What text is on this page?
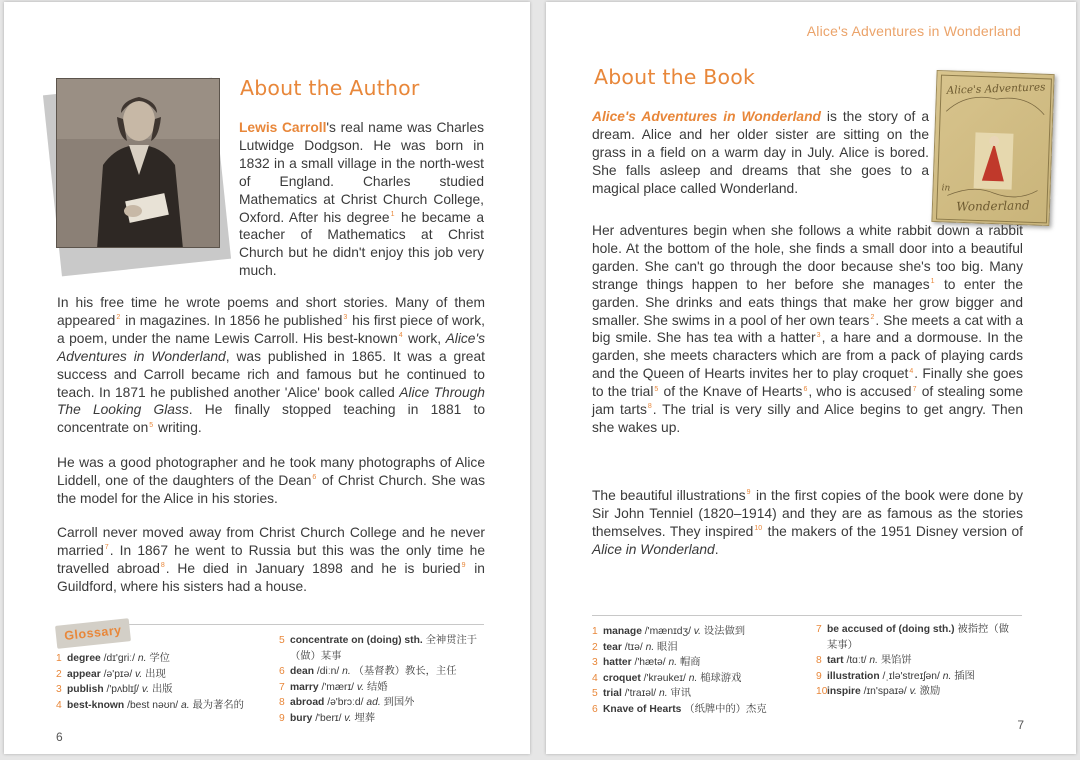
About the Author

Lewis Carroll's real name was Charles Lutwidge Dodgson. He was born in 1832 in a small village in the north-west of England. Charles studied Mathematics at Christ Church College, Oxford. After his degree$^1$ he became a teacher of Mathematics at Christ Church but he didn't enjoy this job very much.

In his free time he wrote poems and short stories. Many of them appeared$^2$ in magazines. In 1856 he published$^3$ his first piece of work, a poem, under the name Lewis Carroll. His best-known$^4$ work, Alice's Adventures in Wonderland, was published in 1865. It was a great success and Carroll became rich and famous but he continued to teach. In 1871 he published another 'Alice' book called Alice Through The Looking Glass. He finally stopped teaching in 1881 to concentrate $on^5$ writing.

He was a good photographer and he took many photographs of Alice Liddell, one of the daughters of the Dean$^6$ of Christ Church. She was the model for the Alice in his stories.

Carroll never moved away from Christ Church College and he never married$^7$. In 1867 he went to Russia but this was the only time he travelled abroad$^8$. He died in January 1898 and he is buried$^9$ in Guildford, where his sisters had a house.

Glossary
1 degree /dɪ'griː/ n. 学位
2 appear /ə'pɪə/ v. 出现
3 publish /'pʌblɪʃ/ v. 出版
4 best-known /best nəʊn/ a. 最为著名的
5 concentrate on (doing) sth. 全神贯注于
（做）某事
6 dean /diːn/ n. （基督教）教长，主任
7 marry /'mærɪ/ v. 结婚
8 abroad /ə'brɔːd/ ad. 到国外
9 bury /'berɪ/ v. 埋葬
6
Alice's Adventures in Wonderland
About the Book
Alice's Adventures
in
Wonderland

Alice's Adventures in Wonderland is the story of a dream. Alice and her older sister are sitting on the grass in a field on a warm day in July. Alice is bored. She falls asleep and dreams that she goes to a magical place called Wonderland.

Her adventures begin when she follows a white rabbit down a rabbit hole. At the bottom of the hole, she finds a small door into a beautiful garden. She can't go through the door because she's too big. Many strange things happen to her before she manages$^1$ to enter the garden. She drinks and eats things that make her grow bigger and smaller. She swims in a pool of her own tears$^2$. She meets a cat with a big smile. She has tea with a hatter$^3$, a hare and a dormouse. In the garden, she meets characters which are from a pack of playing cards and the Queen of Hearts invites her to play croquet$^4$. Finally she goes to the trial$^5$ of the Knave of Hearts$^6$, who is accused$^7$ of stealing some jam tarts$^8$. The trial is very silly and Alice begins to get angry. Then she wakes up.

The beautiful illustrations$^9$ in the first copies of the book were done by Sir John Tenniel (1820–1914) and they are as famous as the stories themselves. They inspired$^{10}$ the makers of the 1951 Disney version of Alice in Wonderland.

1 manage /'mænɪdʒ/ v. 设法做到
2 tear /tɪə/ n. 眼泪
3 hatter /'hætə/ n. 帽商
4 croquet /'krəukeɪ/ n. 槌球游戏
5 trial /'traɪəl/ n. 审讯
6 Knave of Hearts （纸牌中的）杰克
7 be accused of (doing sth.) 被指控（做
某事）
8 tart /tɑːt/ n. 果馅饼
9 illustration /ˌɪlə'streɪʃən/ n. 插图
10inspire /ɪn'spaɪə/ v. 激励
7
